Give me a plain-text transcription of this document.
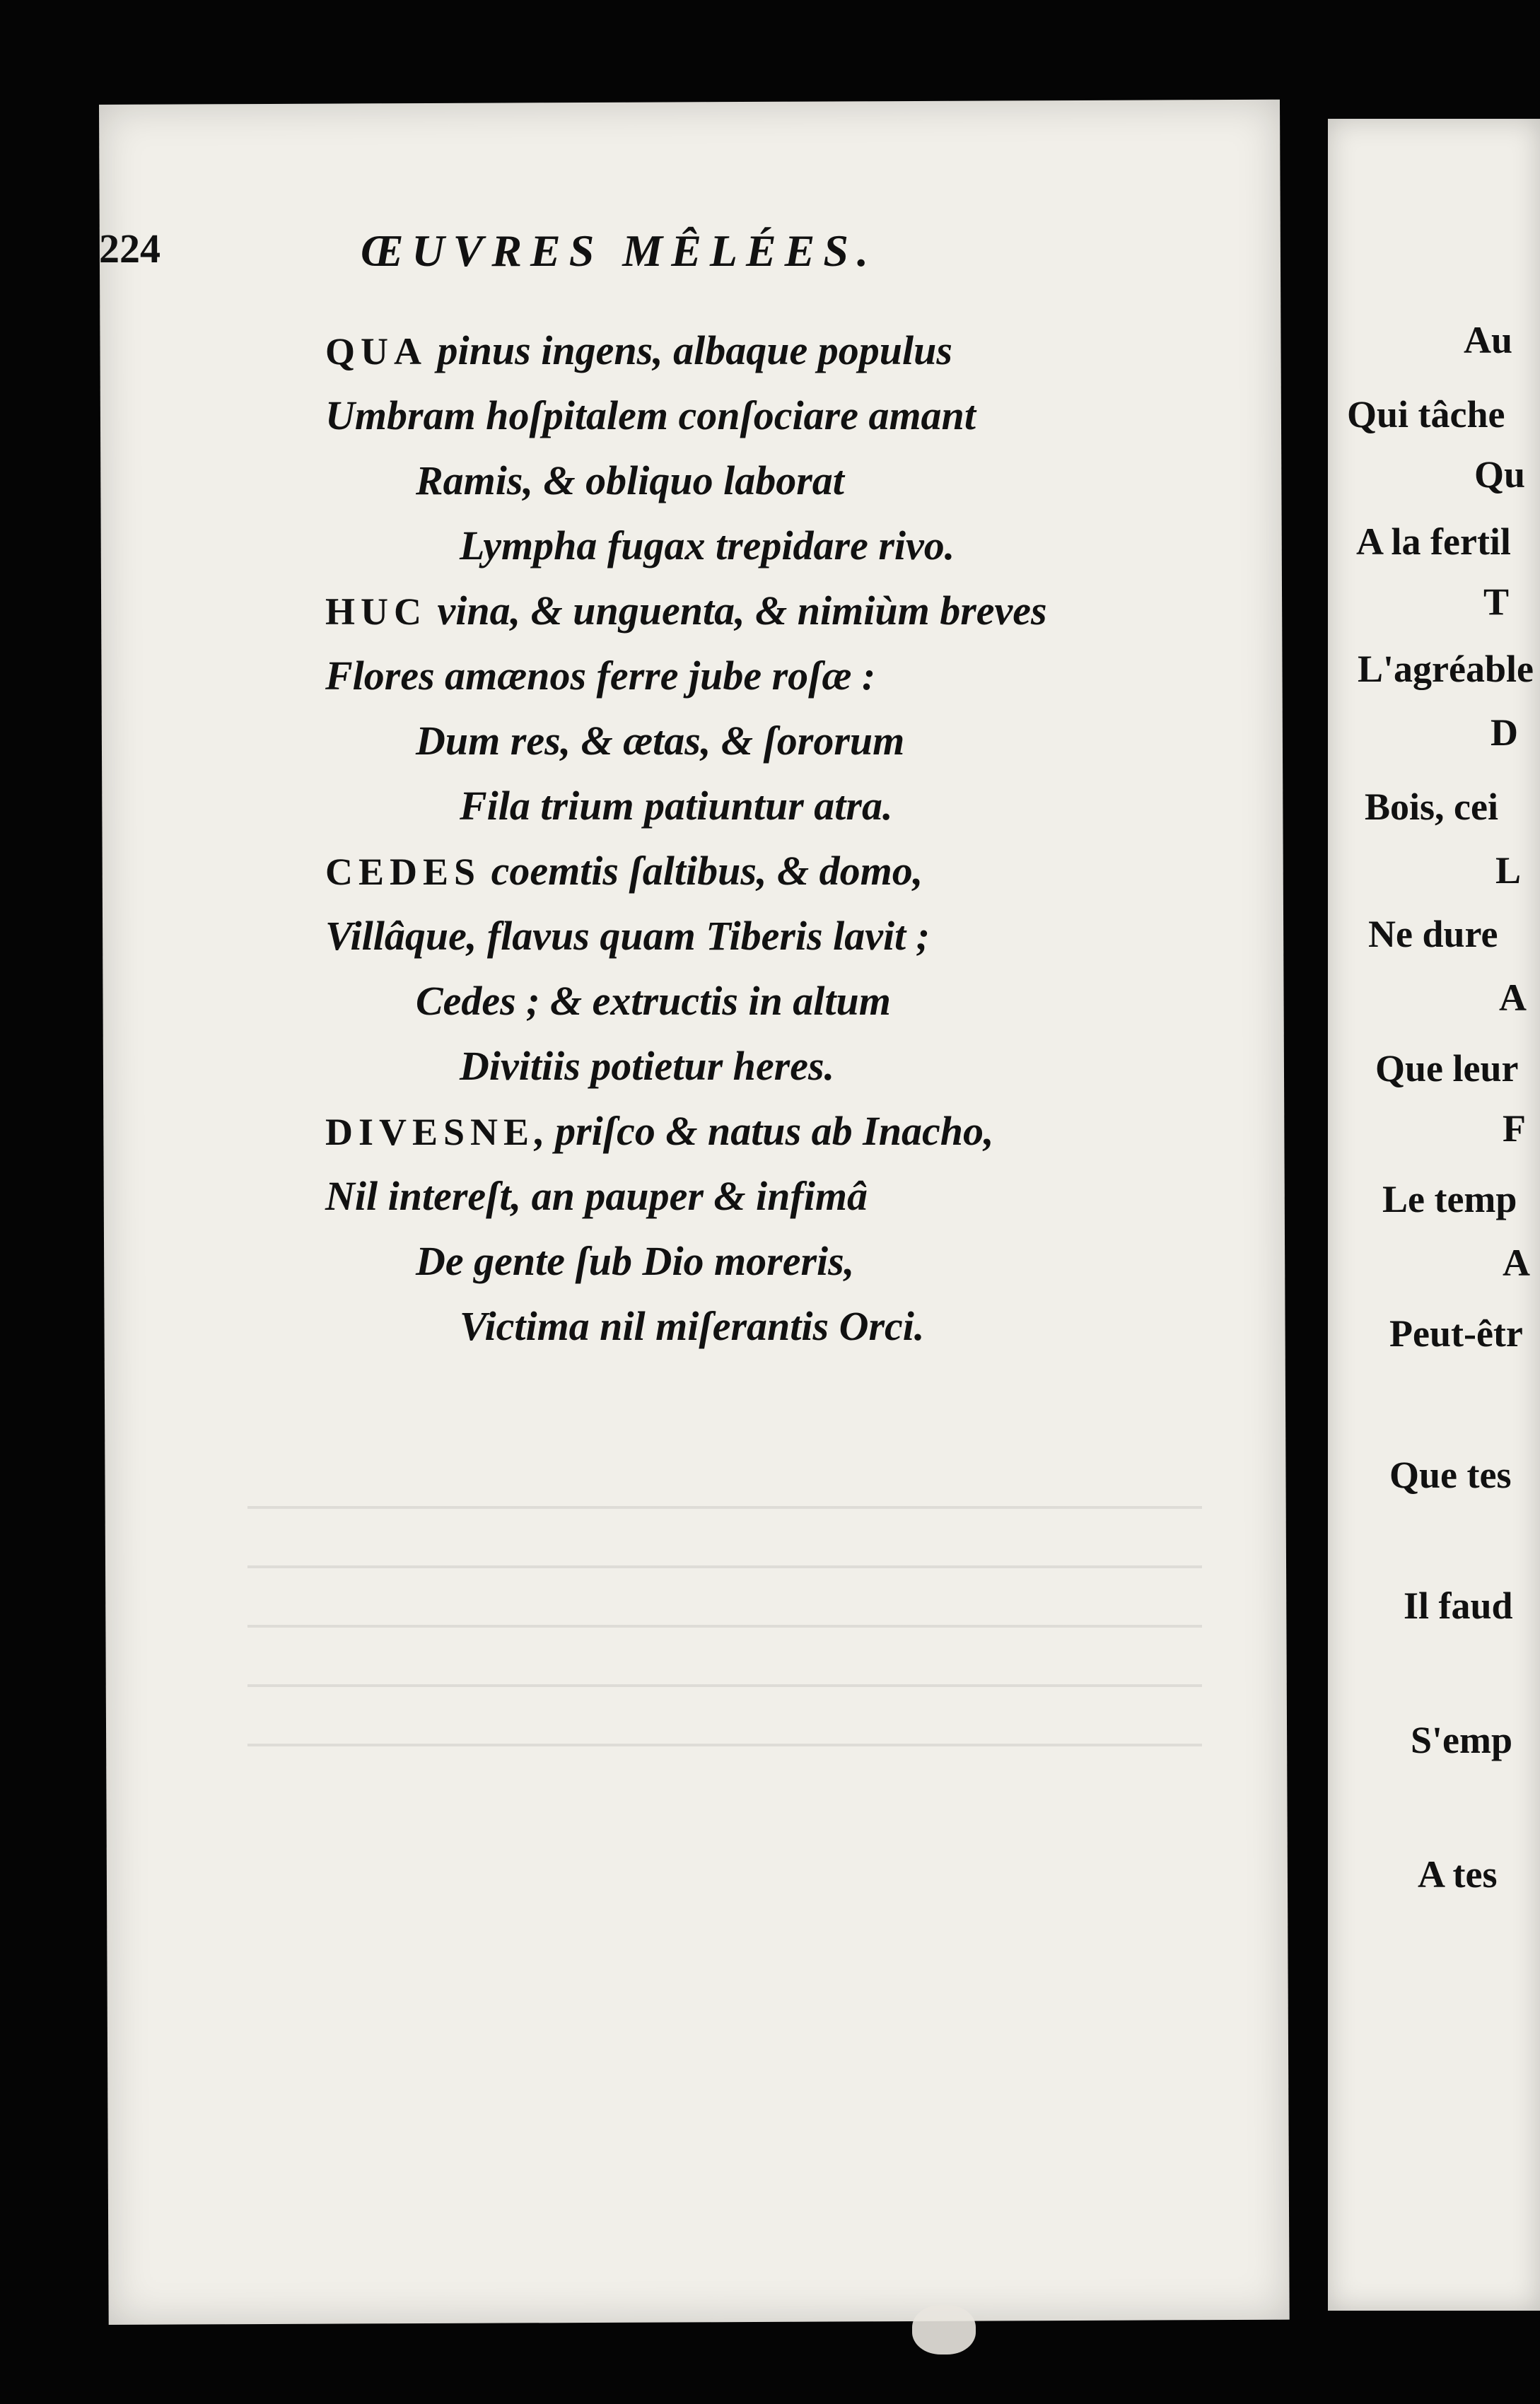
224	ŒUVRES MÊLÉES.
QUA pinus ingens, albaque populus
Umbram hoſpitalem conſociare amant
Ramis, & obliquo laborat
Lympha fugax trepidare rivo.
HUC vina, & unguenta, & nimiùm breves
Flores amænos ferre jube roſæ :
Dum res, & ætas, & ſororum
Fila trium patiuntur atra.
CEDES coemtis ſaltibus, & domo,
Villâque, flavus quam Tiberis lavit ;
Cedes ; & extructis in altum
Divitiis potietur heres.
DIVESNE, priſco & natus ab Inacho,
Nil intereſt, an pauper & infimâ
De gente ſub Dio moreris,
Victima nil miſerantis Orci.
Au
Qui tâche
Qu
A la fertil
T
L'agréable
D
Bois, cei
L
Ne dure
A
Que leur
F
Le temp
A
Peut-êtr
Que tes
Il faud
S'emp
A tes
